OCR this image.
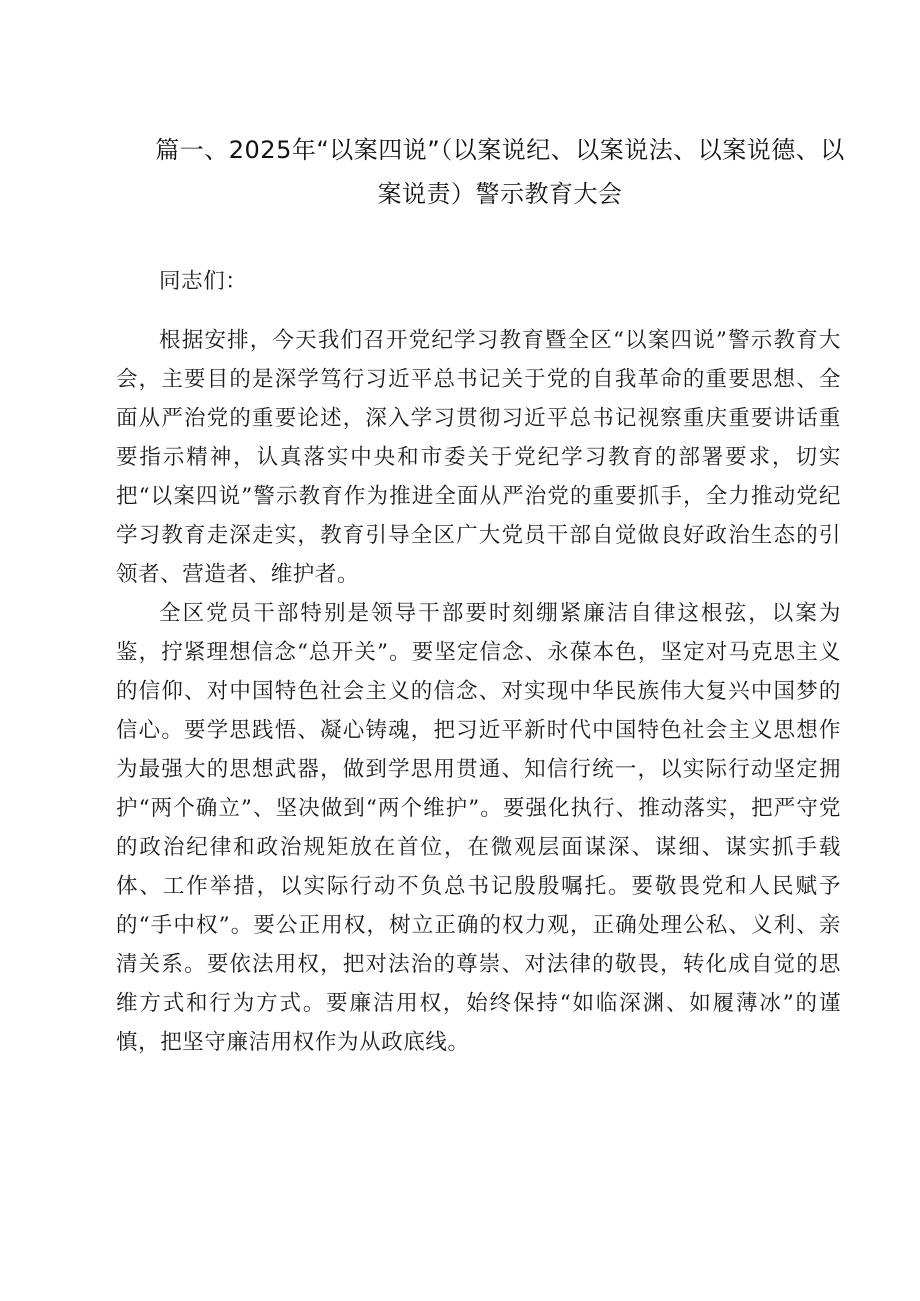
篇一、2025年“以案四说”（以案说纪、以案说法、以案说德、以
案说责）警示教育大会

同志们：

根据安排，今天我们召开党纪学习教育暨全区“以案四说”警示教育大会，主要目的是深学笃行习近平总书记关于党的自我革命的重要思想、全面从严治党的重要论述，深入学习贯彻习近平总书记视察重庆重要讲话重要指示精神，认真落实中央和市委关于党纪学习教育的部署要求，切实把“以案四说”警示教育作为推进全面从严治党的重要抓手，全力推动党纪学习教育走深走实，教育引导全区广大党员干部自觉做良好政治生态的引领者、营造者、维护者。

全区党员干部特别是领导干部要时刻绷紧廉洁自律这根弦，以案为鉴，拧紧理想信念“总开关”。要坚定信念、永葆本色，坚定对马克思主义的信仰、对中国特色社会主义的信念、对实现中华民族伟大复兴中国梦的信心。要学思践悟、凝心铸魂，把习近平新时代中国特色社会主义思想作为最强大的思想武器，做到学思用贯通、知信行统一，以实际行动坚定拥护“两个确立”、坚决做到“两个维护”。要强化执行、推动落实，把严守党的政治纪律和政治规矩放在首位，在微观层面谋深、谋细、谋实抓手载体、工作举措，以实际行动不负总书记殷殷嘱托。要敬畏党和人民赋予的“手中权”。要公正用权，树立正确的权力观，正确处理公私、义利、亲清关系。要依法用权，把对法治的尊崇、对法律的敬畏，转化成自觉的思维方式和行为方式。要廉洁用权，始终保持“如临深渊、如履薄冰”的谨慎，把坚守廉洁用权作为从政底线。
